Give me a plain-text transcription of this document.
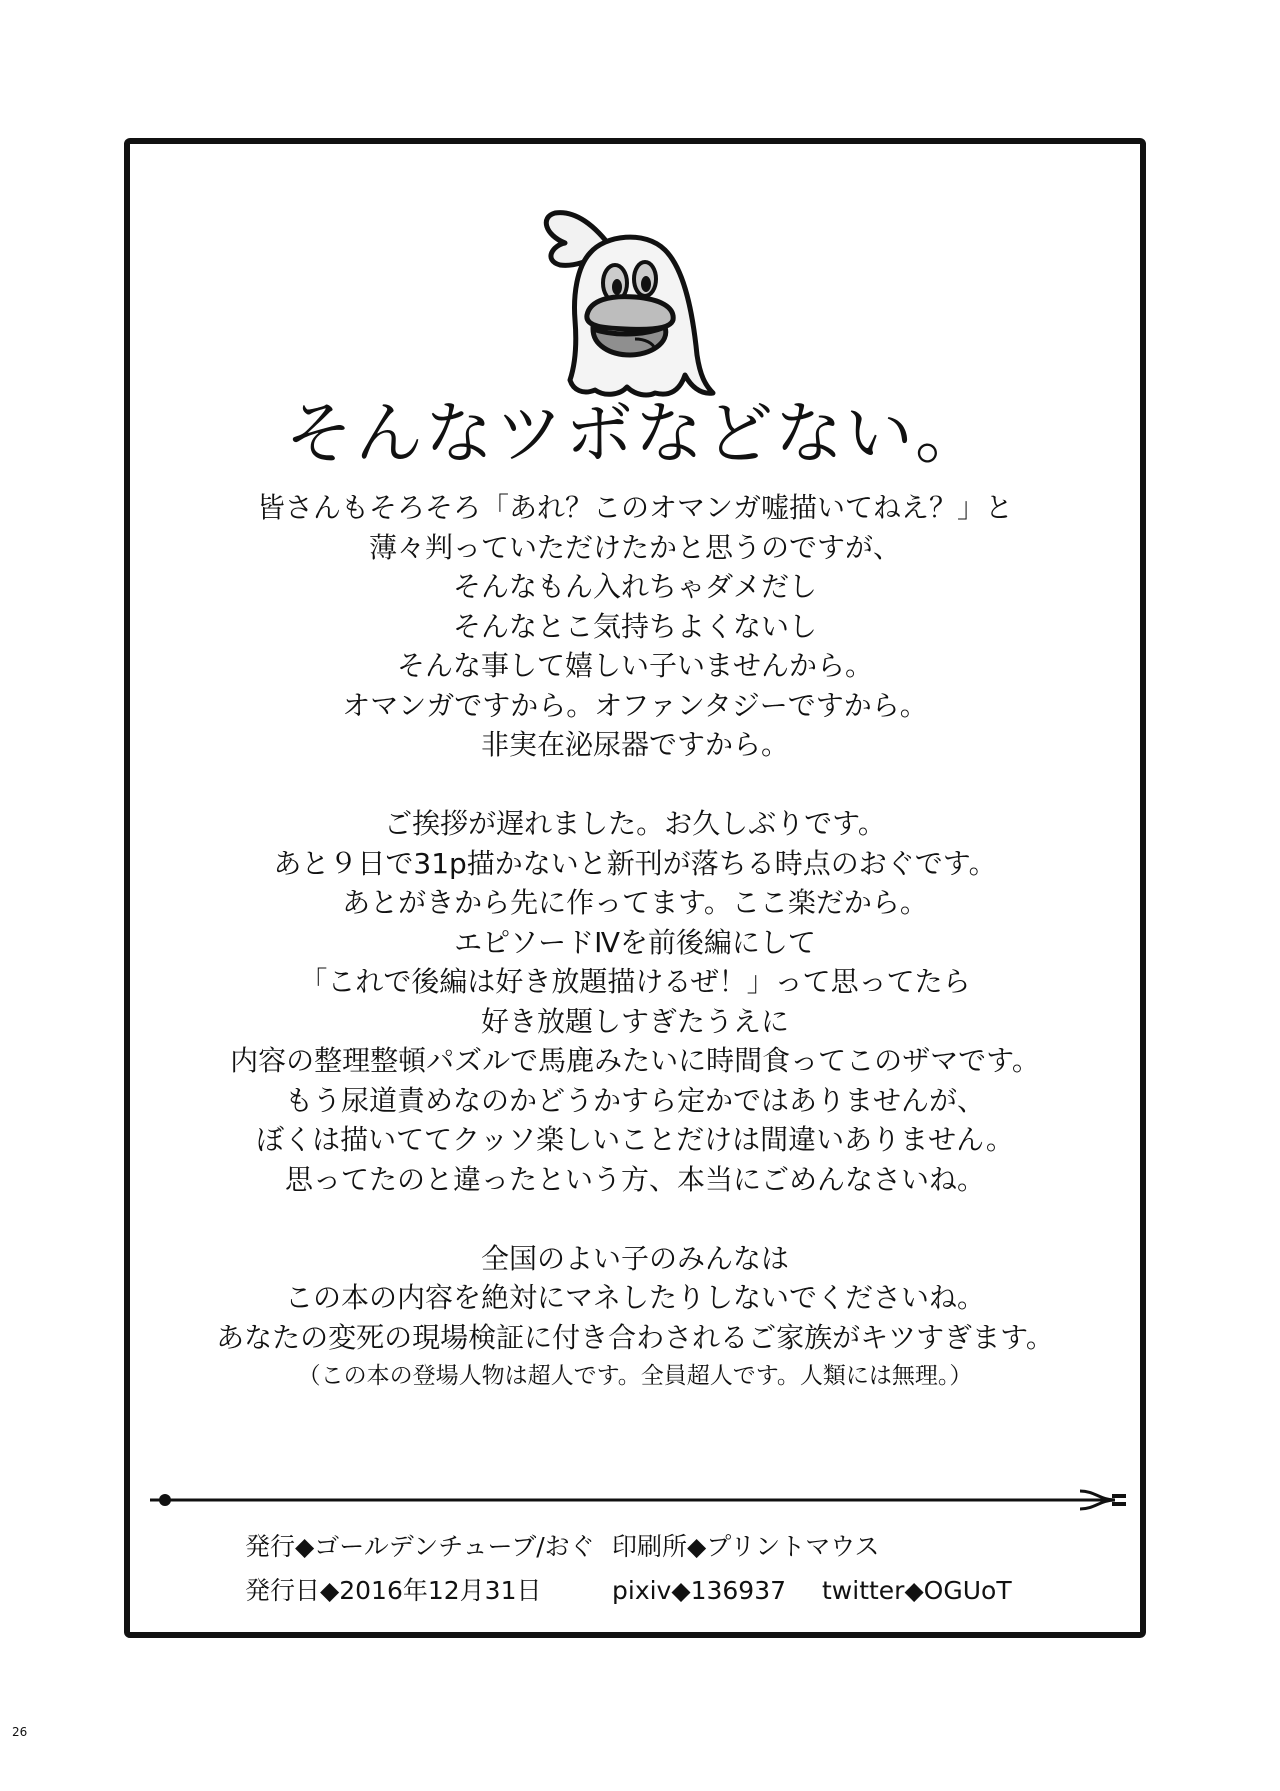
そんなツボなどない。
皆さんもそろそろ「あれ？このオマンガ嘘描いてねえ？」と
薄々判っていただけたかと思うのですが、
そんなもん入れちゃダメだし
そんなとこ気持ちよくないし
そんな事して嬉しい子いませんから。
オマンガですから。オファンタジーですから。
非実在泌尿器ですから。
ご挨拶が遅れました。お久しぶりです。
あと９日で31p描かないと新刊が落ちる時点のおぐです。
あとがきから先に作ってます。ここ楽だから。
エピソードⅣを前後編にして
「これで後編は好き放題描けるぜ！」って思ってたら
好き放題しすぎたうえに
内容の整理整頓パズルで馬鹿みたいに時間食ってこのザマです。
もう尿道責めなのかどうかすら定かではありませんが、
ぼくは描いててクッソ楽しいことだけは間違いありません。
思ってたのと違ったという方、本当にごめんなさいね。
全国のよい子のみんなは
この本の内容を絶対にマネしたりしないでくださいね。
あなたの変死の現場検証に付き合わされるご家族がキツすぎます。
（この本の登場人物は超人です。全員超人です。人類には無理。）
発行◆ゴールデンチューブ/おぐ 印刷所◆プリントマウス
発行日◆2016年12月31日	pixiv◆136937 twitter◆OGUoT
26
